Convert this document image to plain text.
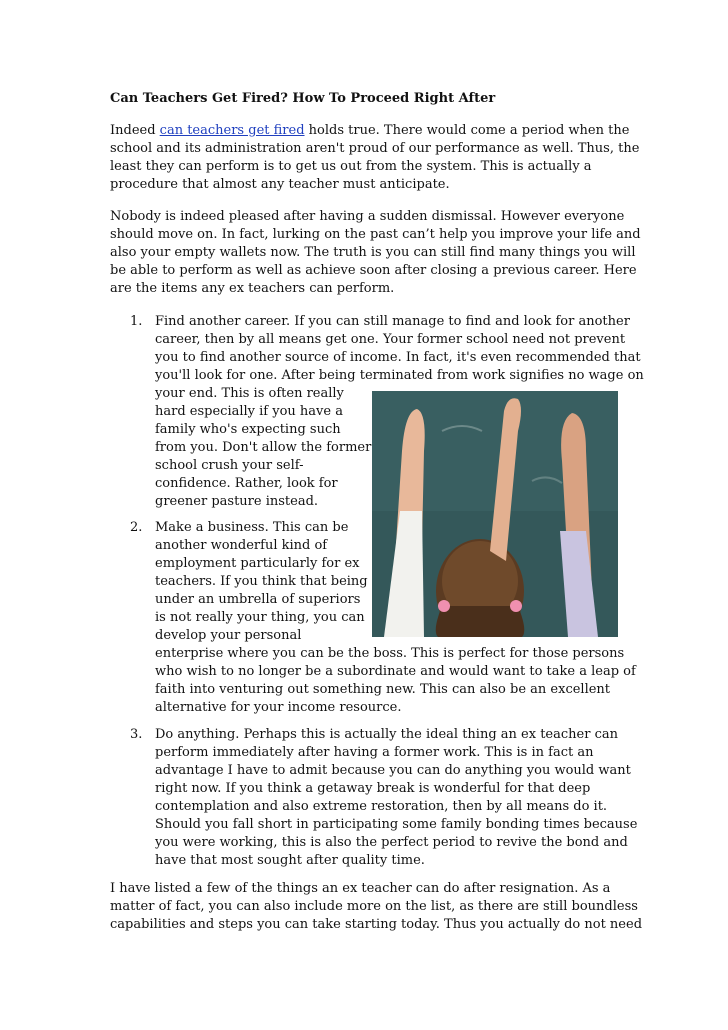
Can Teachers Get Fired? How To Proceed Right After

Indeed can teachers get fired holds true. There would come a period when the

school and its administration aren't proud of our performance as well. Thus, the

least they can perform is to get us out from the system. This is actually a

procedure that almost any teacher must anticipate.

Nobody is indeed pleased after having a sudden dismissal. However everyone

should move on. In fact, lurking on the past can’t help you improve your life and

also your empty wallets now. The truth is you can still find many things you will

be able to perform as well as achieve soon after closing a previous career. Here

are the items any ex teachers can perform.

1. Find another career. If you can still manage to find and look for another

career, then by all means get one. Your former school need not prevent

you to find another source of income. In fact, it's even recommended that

you'll look for one. After being terminated from work signifies no wage on

your end. This is often really

hard especially if you have a

family who's expecting such

from you. Don't allow the former

school crush your self-

confidence. Rather, look for

greener pasture instead.

2. Make a business. This can be

another wonderful kind of

employment particularly for ex

teachers. If you think that being

under an umbrella of superiors

is not really your thing, you can

develop your personal

enterprise where you can be the boss. This is perfect for those persons

who wish to no longer be a subordinate and would want to take a leap of

faith into venturing out something new. This can also be an excellent

alternative for your income resource.

3. Do anything. Perhaps this is actually the ideal thing an ex teacher can

perform immediately after having a former work. This is in fact an

advantage I have to admit because you can do anything you would want

right now. If you think a getaway break is wonderful for that deep

contemplation and also extreme restoration, then by all means do it.

Should you fall short in participating some family bonding times because

you were working, this is also the perfect period to revive the bond and

have that most sought after quality time.

I have listed a few of the things an ex teacher can do after resignation. As a

matter of fact, you can also include more on the list, as there are still boundless

capabilities and steps you can take starting today. Thus you actually do not need
